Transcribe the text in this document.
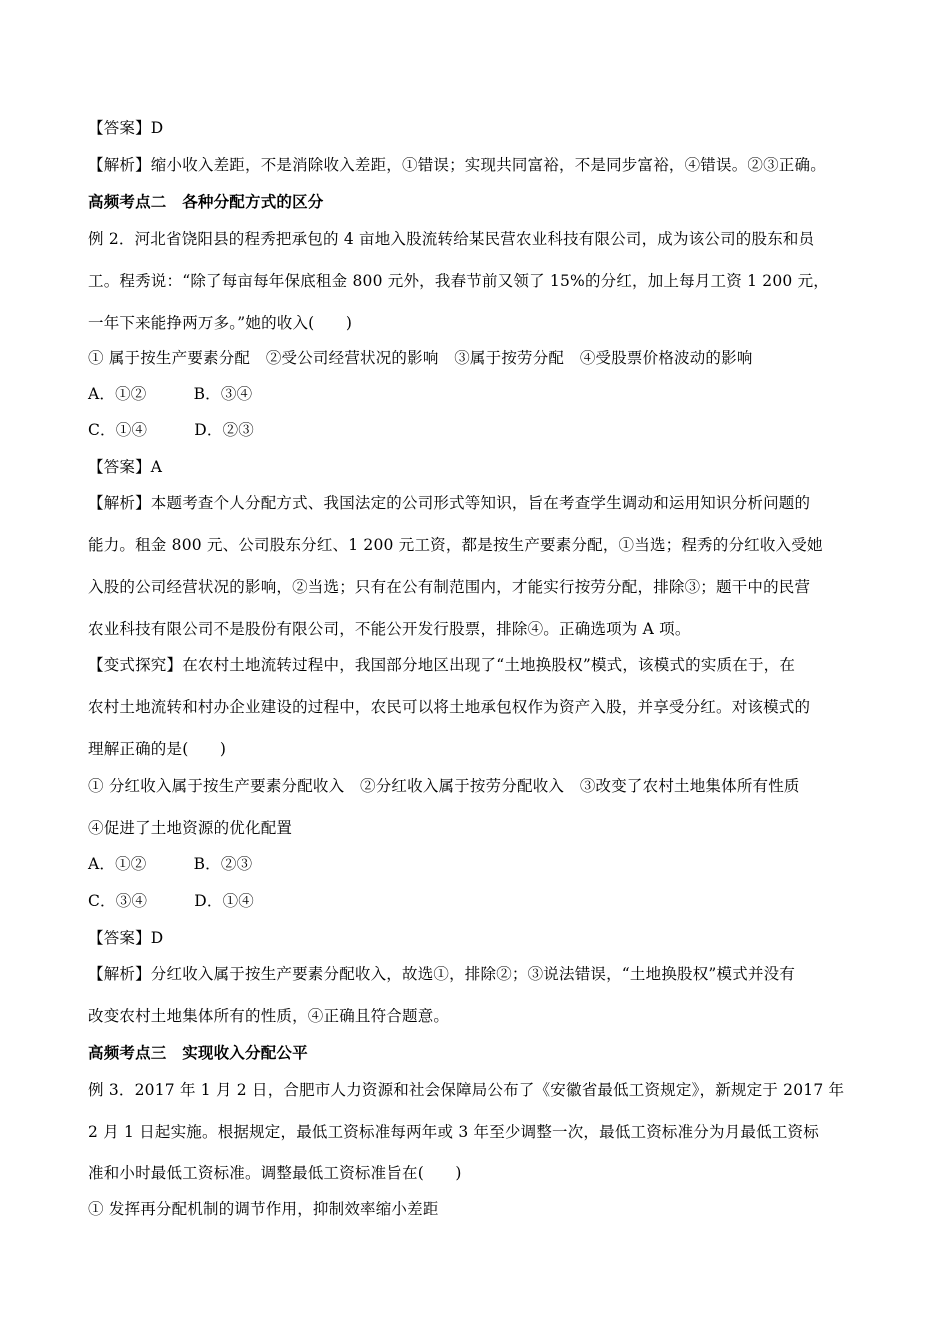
【答案】D
【解析】缩小收入差距，不是消除收入差距，①错误；实现共同富裕，不是同步富裕，④错误。②③正确。
高频考点二　各种分配方式的区分
例 2．河北省饶阳县的程秀把承包的 4 亩地入股流转给某民营农业科技有限公司，成为该公司的股东和员
工。程秀说：“除了每亩每年保底租金 800 元外，我春节前又领了 15%的分红，加上每月工资 1 200 元，
一年下来能挣两万多。”她的收入(　　)
① 属于按生产要素分配　②受公司经营状况的影响　③属于按劳分配　④受股票价格波动的影响
A．①②　　　B．③④
C．①④　　　D．②③
【答案】A
【解析】本题考查个人分配方式、我国法定的公司形式等知识，旨在考查学生调动和运用知识分析问题的
能力。租金 800 元、公司股东分红、1 200 元工资，都是按生产要素分配，①当选；程秀的分红收入受她
入股的公司经营状况的影响，②当选；只有在公有制范围内，才能实行按劳分配，排除③；题干中的民营
农业科技有限公司不是股份有限公司，不能公开发行股票，排除④。正确选项为 A 项。
【变式探究】在农村土地流转过程中，我国部分地区出现了“土地换股权”模式，该模式的实质在于，在
农村土地流转和村办企业建设的过程中，农民可以将土地承包权作为资产入股，并享受分红。对该模式的
理解正确的是(　　)
① 分红收入属于按生产要素分配收入　②分红收入属于按劳分配收入　③改变了农村土地集体所有性质
④促进了土地资源的优化配置
A．①②　　　B．②③
C．③④　　　D．①④
【答案】D
【解析】分红收入属于按生产要素分配收入，故选①，排除②；③说法错误，“土地换股权”模式并没有
改变农村土地集体所有的性质，④正确且符合题意。
高频考点三　实现收入分配公平
例 3．2017 年 1 月 2 日，合肥市人力资源和社会保障局公布了《安徽省最低工资规定》，新规定于 2017 年
2 月 1 日起实施。根据规定，最低工资标准每两年或 3 年至少调整一次，最低工资标准分为月最低工资标
准和小时最低工资标准。调整最低工资标准旨在(　　)
① 发挥再分配机制的调节作用，抑制效率缩小差距
